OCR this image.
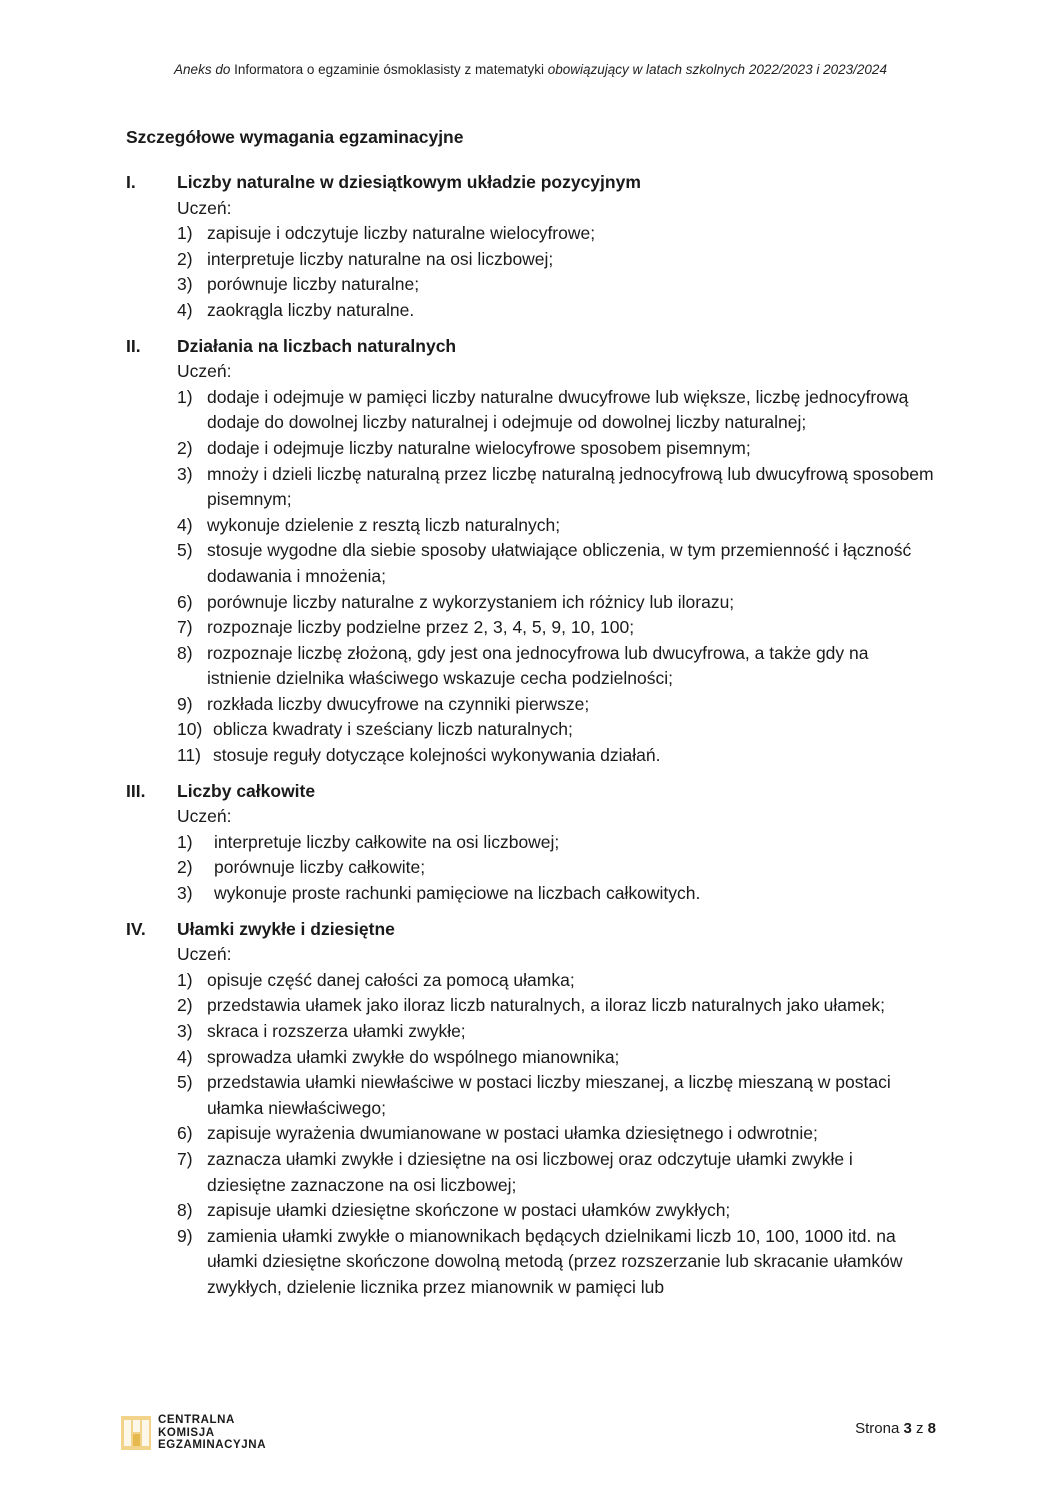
Aneks do Informatora o egzaminie ósmoklasisty z matematyki obowiązujący w latach szkolnych 2022/2023 i 2023/2024
Szczegółowe wymagania egzaminacyjne
I.	Liczby naturalne w dziesiątkowym układzie pozycyjnym
Uczeń:
1) zapisuje i odczytuje liczby naturalne wielocyfrowe;
2) interpretuje liczby naturalne na osi liczbowej;
3) porównuje liczby naturalne;
4) zaokrągla liczby naturalne.
II.	Działania na liczbach naturalnych
Uczeń:
1) dodaje i odejmuje w pamięci liczby naturalne dwucyfrowe lub większe, liczbę jednocyfrową dodaje do dowolnej liczby naturalnej i odejmuje od dowolnej liczby naturalnej;
2) dodaje i odejmuje liczby naturalne wielocyfrowe sposobem pisemnym;
3) mnoży i dzieli liczbę naturalną przez liczbę naturalną jednocyfrową lub dwucyfrową sposobem pisemnym;
4) wykonuje dzielenie z resztą liczb naturalnych;
5) stosuje wygodne dla siebie sposoby ułatwiające obliczenia, w tym przemienność i łączność dodawania i mnożenia;
6) porównuje liczby naturalne z wykorzystaniem ich różnicy lub ilorazu;
7) rozpoznaje liczby podzielne przez 2, 3, 4, 5, 9, 10, 100;
8) rozpoznaje liczbę złożoną, gdy jest ona jednocyfrowa lub dwucyfrowa, a także gdy na istnienie dzielnika właściwego wskazuje cecha podzielności;
9) rozkłada liczby dwucyfrowe na czynniki pierwsze;
10) oblicza kwadraty i sześciany liczb naturalnych;
11) stosuje reguły dotyczące kolejności wykonywania działań.
III.	Liczby całkowite
Uczeń:
1) interpretuje liczby całkowite na osi liczbowej;
2) porównuje liczby całkowite;
3) wykonuje proste rachunki pamięciowe na liczbach całkowitych.
IV.	Ułamki zwykłe i dziesiętne
Uczeń:
1) opisuje część danej całości za pomocą ułamka;
2) przedstawia ułamek jako iloraz liczb naturalnych, a iloraz liczb naturalnych jako ułamek;
3) skraca i rozszerza ułamki zwykłe;
4) sprowadza ułamki zwykłe do wspólnego mianownika;
5) przedstawia ułamki niewłaściwe w postaci liczby mieszanej, a liczbę mieszaną w postaci ułamka niewłaściwego;
6) zapisuje wyrażenia dwumianowane w postaci ułamka dziesiętnego i odwrotnie;
7) zaznacza ułamki zwykłe i dziesiętne na osi liczbowej oraz odczytuje ułamki zwykłe i dziesiętne zaznaczone na osi liczbowej;
8) zapisuje ułamki dziesiętne skończone w postaci ułamków zwykłych;
9) zamienia ułamki zwykłe o mianownikach będących dzielnikami liczb 10, 100, 1000 itd. na ułamki dziesiętne skończone dowolną metodą (przez rozszerzanie lub skracanie ułamków zwykłych, dzielenie licznika przez mianownik w pamięci lub
CENTRALNA
KOMISJA
EGZAMINACYJNA
Strona 3 z 8
